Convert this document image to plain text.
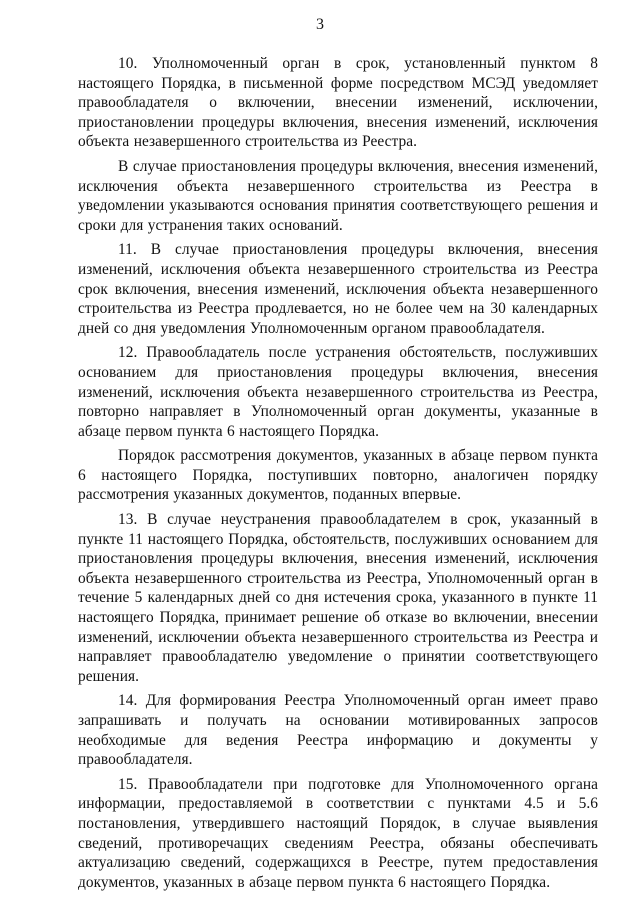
3

10. Уполномоченный орган в срок, установленный пунктом 8 настоящего Порядка, в письменной форме посредством МСЭД уведомляет правообладателя о включении, внесении изменений, исключении, приостановлении процедуры включения, внесения изменений, исключения объекта незавершенного строительства из Реестра.

В случае приостановления процедуры включения, внесения изменений, исключения объекта незавершенного строительства из Реестра в уведомлении указываются основания принятия соответствующего решения и сроки для устранения таких оснований.

11. В случае приостановления процедуры включения, внесения изменений, исключения объекта незавершенного строительства из Реестра срок включения, внесения изменений, исключения объекта незавершенного строительства из Реестра продлевается, но не более чем на 30 календарных дней со дня уведомления Уполномоченным органом правообладателя.

12. Правообладатель после устранения обстоятельств, послуживших основанием для приостановления процедуры включения, внесения изменений, исключения объекта незавершенного строительства из Реестра, повторно направляет в Уполномоченный орган документы, указанные в абзаце первом пункта 6 настоящего Порядка.

Порядок рассмотрения документов, указанных в абзаце первом пункта 6 настоящего Порядка, поступивших повторно, аналогичен порядку рассмотрения указанных документов, поданных впервые.

13. В случае неустранения правообладателем в срок, указанный в пункте 11 настоящего Порядка, обстоятельств, послуживших основанием для приостановления процедуры включения, внесения изменений, исключения объекта незавершенного строительства из Реестра, Уполномоченный орган в течение 5 календарных дней со дня истечения срока, указанного в пункте 11 настоящего Порядка, принимает решение об отказе во включении, внесении изменений, исключении объекта незавершенного строительства из Реестра и направляет правообладателю уведомление о принятии соответствующего решения.

14. Для формирования Реестра Уполномоченный орган имеет право запрашивать и получать на основании мотивированных запросов необходимые для ведения Реестра информацию и документы у правообладателя.

15. Правообладатели при подготовке для Уполномоченного органа информации, предоставляемой в соответствии с пунктами 4.5 и 5.6 постановления, утвердившего настоящий Порядок, в случае выявления сведений, противоречащих сведениям Реестра, обязаны обеспечивать актуализацию сведений, содержащихся в Реестре, путем предоставления документов, указанных в абзаце первом пункта 6 настоящего Порядка.
